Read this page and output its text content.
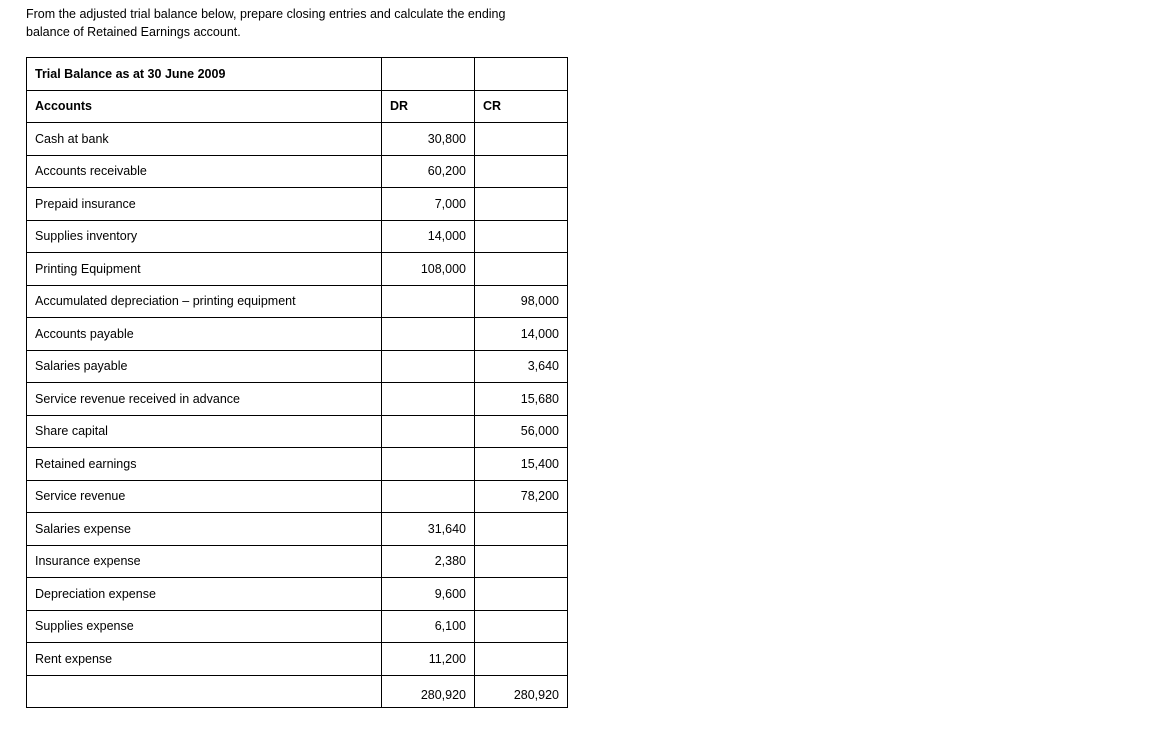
From the adjusted trial balance below, prepare closing entries and calculate the ending
balance of Retained Earnings account.

Trial Balance as at 30 June 2009		
Accounts	DR	CR
Cash at bank	30,800	
Accounts receivable	60,200	
Prepaid insurance	7,000	
Supplies inventory	14,000	
Printing Equipment	108,000	
Accumulated depreciation – printing equipment		98,000
Accounts payable		14,000
Salaries payable		3,640
Service revenue received in advance		15,680
Share capital		56,000
Retained earnings		15,400
Service revenue		78,200
Salaries expense	31,640	
Insurance expense	2,380	
Depreciation expense	9,600	
Supplies expense	6,100	
Rent expense	11,200	
	280,920	280,920
